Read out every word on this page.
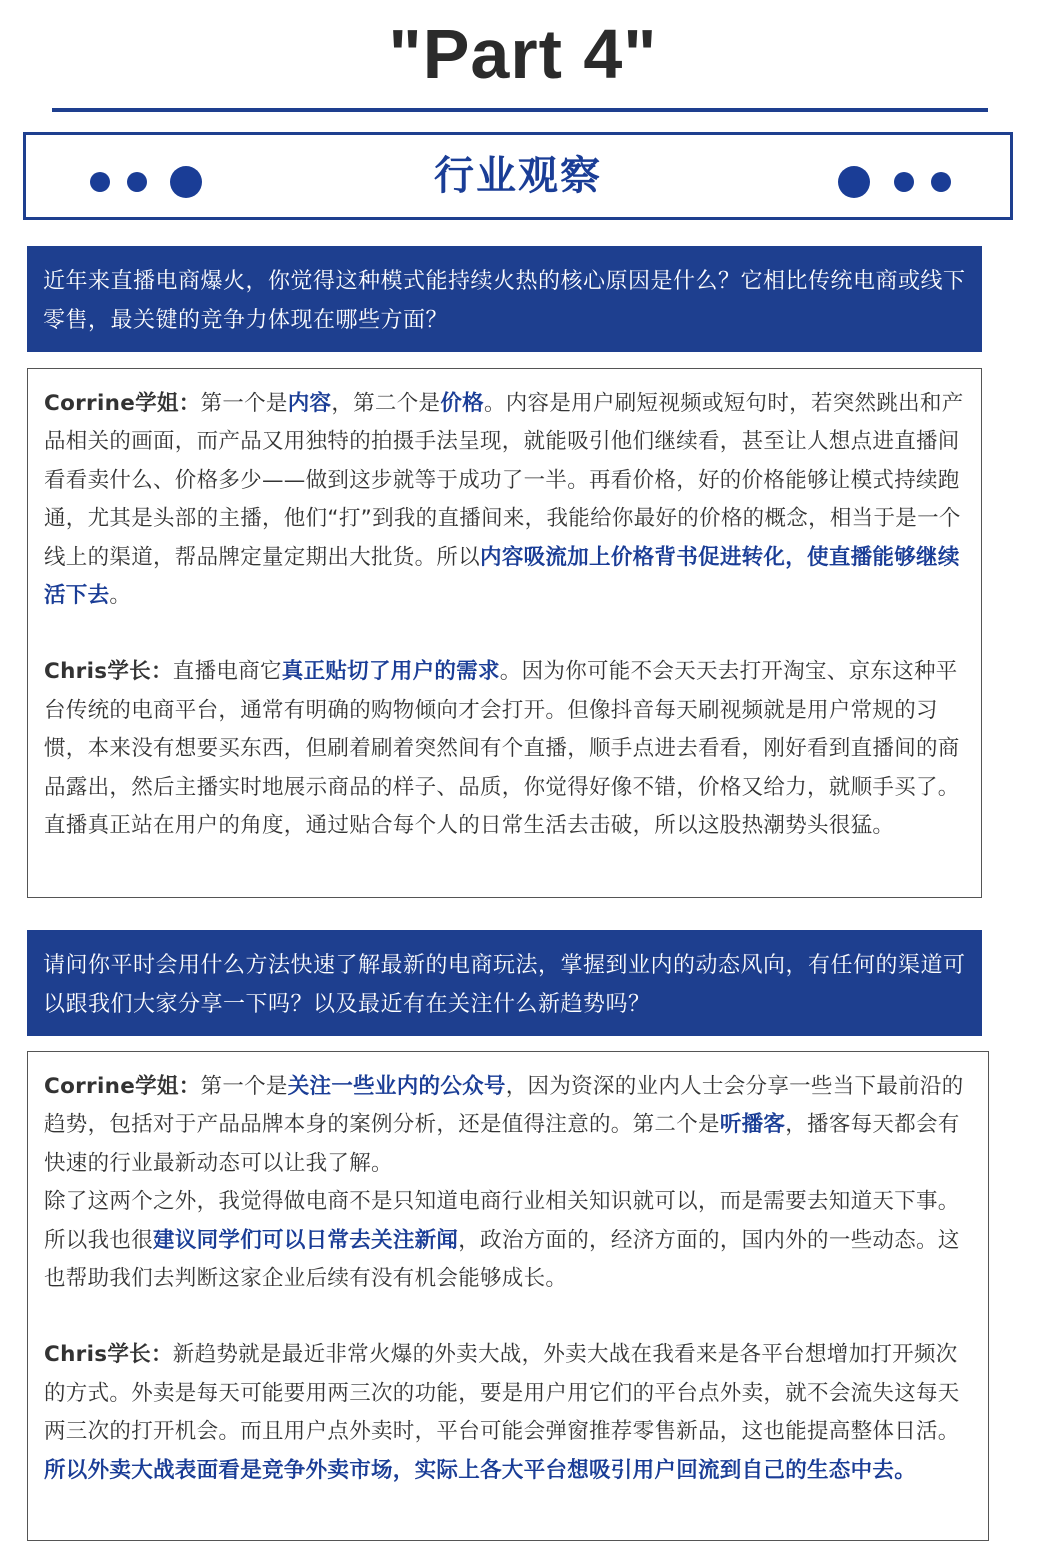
"Part 4"
行业观察
近年来直播电商爆火，你觉得这种模式能持续火热的核心原因是什么？它相比传统电商或线下零售，最关键的竞争力体现在哪些方面？

Corrine学姐：第一个是内容，第二个是价格。内容是用户刷短视频或短句时，若突然跳出和产品相关的画面，而产品又用独特的拍摄手法呈现，就能吸引他们继续看，甚至让人想点进直播间看看卖什么、价格多少——做到这步就等于成功了一半。再看价格，好的价格能够让模式持续跑通，尤其是头部的主播，他们“打”到我的直播间来，我能给你最好的价格的概念，相当于是一个线上的渠道，帮品牌定量定期出大批货。所以内容吸流加上价格背书促进转化，使直播能够继续活下去。

Chris学长：直播电商它真正贴切了用户的需求。因为你可能不会天天去打开淘宝、京东这种平台传统的电商平台，通常有明确的购物倾向才会打开。但像抖音每天刷视频就是用户常规的习惯，本来没有想要买东西，但刷着刷着突然间有个直播，顺手点进去看看，刚好看到直播间的商品露出，然后主播实时地展示商品的样子、品质，你觉得好像不错，价格又给力，就顺手买了。直播真正站在用户的角度，通过贴合每个人的日常生活去击破，所以这股热潮势头很猛。

请问你平时会用什么方法快速了解最新的电商玩法，掌握到业内的动态风向，有任何的渠道可以跟我们大家分享一下吗？以及最近有在关注什么新趋势吗？

Corrine学姐：第一个是关注一些业内的公众号，因为资深的业内人士会分享一些当下最前沿的趋势，包括对于产品品牌本身的案例分析，还是值得注意的。第二个是听播客，播客每天都会有快速的行业最新动态可以让我了解。

除了这两个之外，我觉得做电商不是只知道电商行业相关知识就可以，而是需要去知道天下事。所以我也很建议同学们可以日常去关注新闻，政治方面的，经济方面的，国内外的一些动态。这也帮助我们去判断这家企业后续有没有机会能够成长。

Chris学长：新趋势就是最近非常火爆的外卖大战，外卖大战在我看来是各平台想增加打开频次的方式。外卖是每天可能要用两三次的功能，要是用户用它们的平台点外卖，就不会流失这每天两三次的打开机会。而且用户点外卖时，平台可能会弹窗推荐零售新品，这也能提高整体日活。所以外卖大战表面看是竞争外卖市场，实际上各大平台想吸引用户回流到自己的生态中去。
